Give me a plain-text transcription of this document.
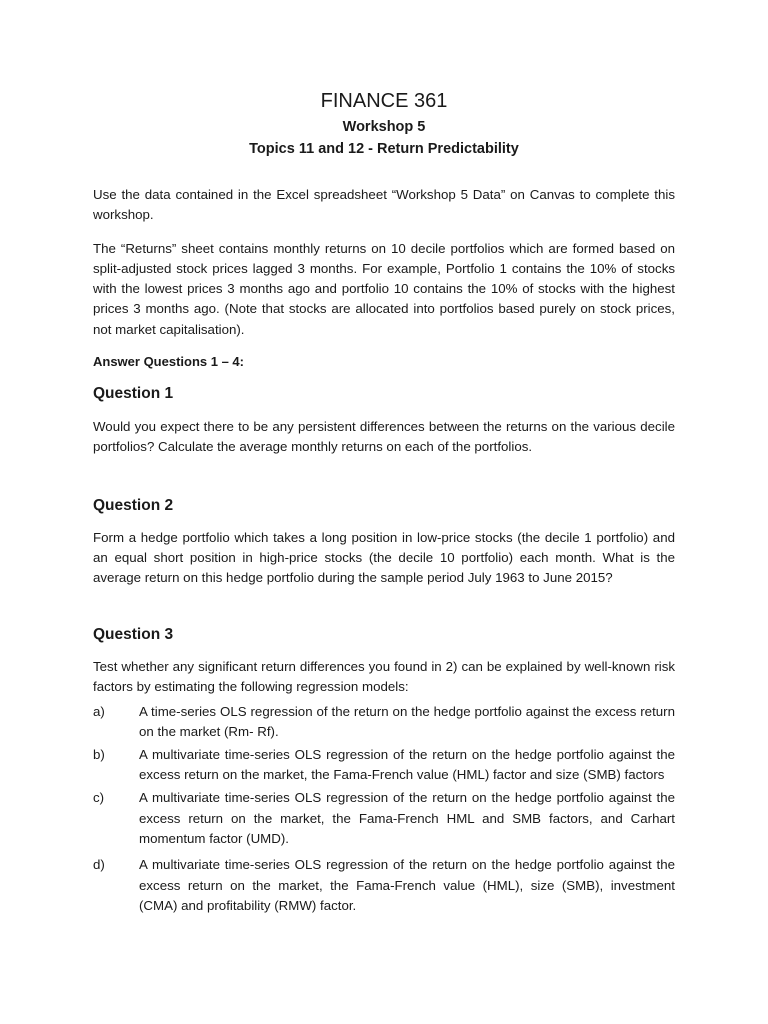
FINANCE 361
Workshop 5
Topics 11 and 12 - Return Predictability

Use the data contained in the Excel spreadsheet “Workshop 5 Data” on Canvas to complete this workshop.

The “Returns” sheet contains monthly returns on 10 decile portfolios which are formed based on split-adjusted stock prices lagged 3 months. For example, Portfolio 1 contains the 10% of stocks with the lowest prices 3 months ago and portfolio 10 contains the 10% of stocks with the highest prices 3 months ago. (Note that stocks are allocated into portfolios based purely on stock prices, not market capitalisation).

Answer Questions 1 – 4:
Question 1

Would you expect there to be any persistent differences between the returns on the various decile portfolios? Calculate the average monthly returns on each of the portfolios.

Question 2

Form a hedge portfolio which takes a long position in low-price stocks (the decile 1 portfolio) and an equal short position in high-price stocks (the decile 10 portfolio) each month. What is the average return on this hedge portfolio during the sample period July 1963 to June 2015?

Question 3

Test whether any significant return differences you found in 2) can be explained by well-known risk factors by estimating the following regression models:

a)	A time-series OLS regression of the return on the hedge portfolio against the excess return on the market (Rm- Rf).
b)	A multivariate time-series OLS regression of the return on the hedge portfolio against the excess return on the market, the Fama-French value (HML) factor and size (SMB) factors
c)	A multivariate time-series OLS regression of the return on the hedge portfolio against the excess return on the market, the Fama-French HML and SMB factors, and Carhart momentum factor (UMD).
d)	A multivariate time-series OLS regression of the return on the hedge portfolio against the excess return on the market, the Fama-French value (HML), size (SMB), investment (CMA) and profitability (RMW) factor.
